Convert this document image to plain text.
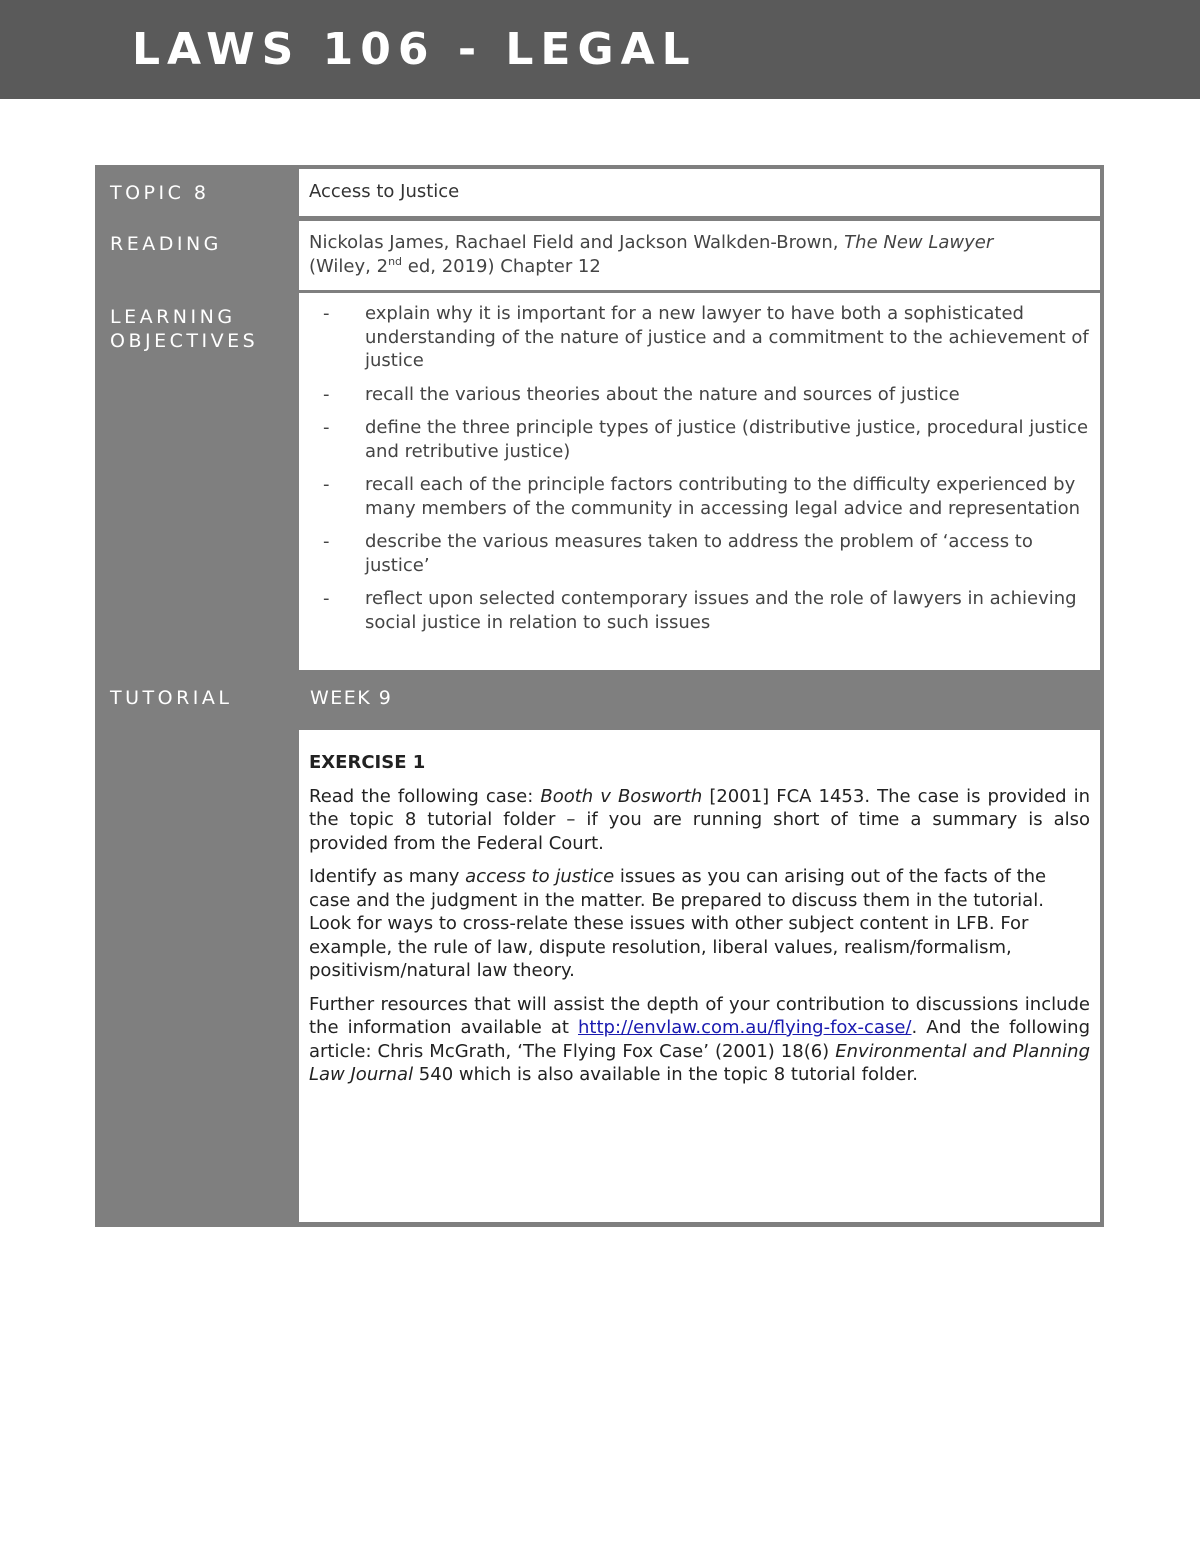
LAWS 106 - LEGAL
TOPIC 8
READING
LEARNING
OBJECTIVES
TUTORIAL
Access to Justice
Nickolas James, Rachael Field and Jackson Walkden-Brown, The New Lawyer
(Wiley, 2nd ed, 2019) Chapter 12
- explain why it is important for a new lawyer to have both a sophisticated understanding of the nature of justice and a commitment to the achievement of justice
- recall the various theories about the nature and sources of justice
- define the three principle types of justice (distributive justice, procedural justice and retributive justice)
- recall each of the principle factors contributing to the difficulty experienced by many members of the community in accessing legal advice and representation
- describe the various measures taken to address the problem of ‘access to justice’
- reflect upon selected contemporary issues and the role of lawyers in achieving social justice in relation to such issues
WEEK 9
EXERCISE 1

Read the following case: Booth v Bosworth [2001] FCA 1453. The case is provided in the topic 8 tutorial folder – if you are running short of time a summary is also provided from the Federal Court.

Identify as many access to justice issues as you can arising out of the facts of the case and the judgment in the matter. Be prepared to discuss them in the tutorial. Look for ways to cross-relate these issues with other subject content in LFB. For example, the rule of law, dispute resolution, liberal values, realism/formalism, positivism/natural law theory.

Further resources that will assist the depth of your contribution to discussions include the information available at http://envlaw.com.au/flying-fox-case/. And the following article: Chris McGrath, ‘The Flying Fox Case’ (2001) 18(6) Environmental and Planning Law Journal 540 which is also available in the topic 8 tutorial folder.
